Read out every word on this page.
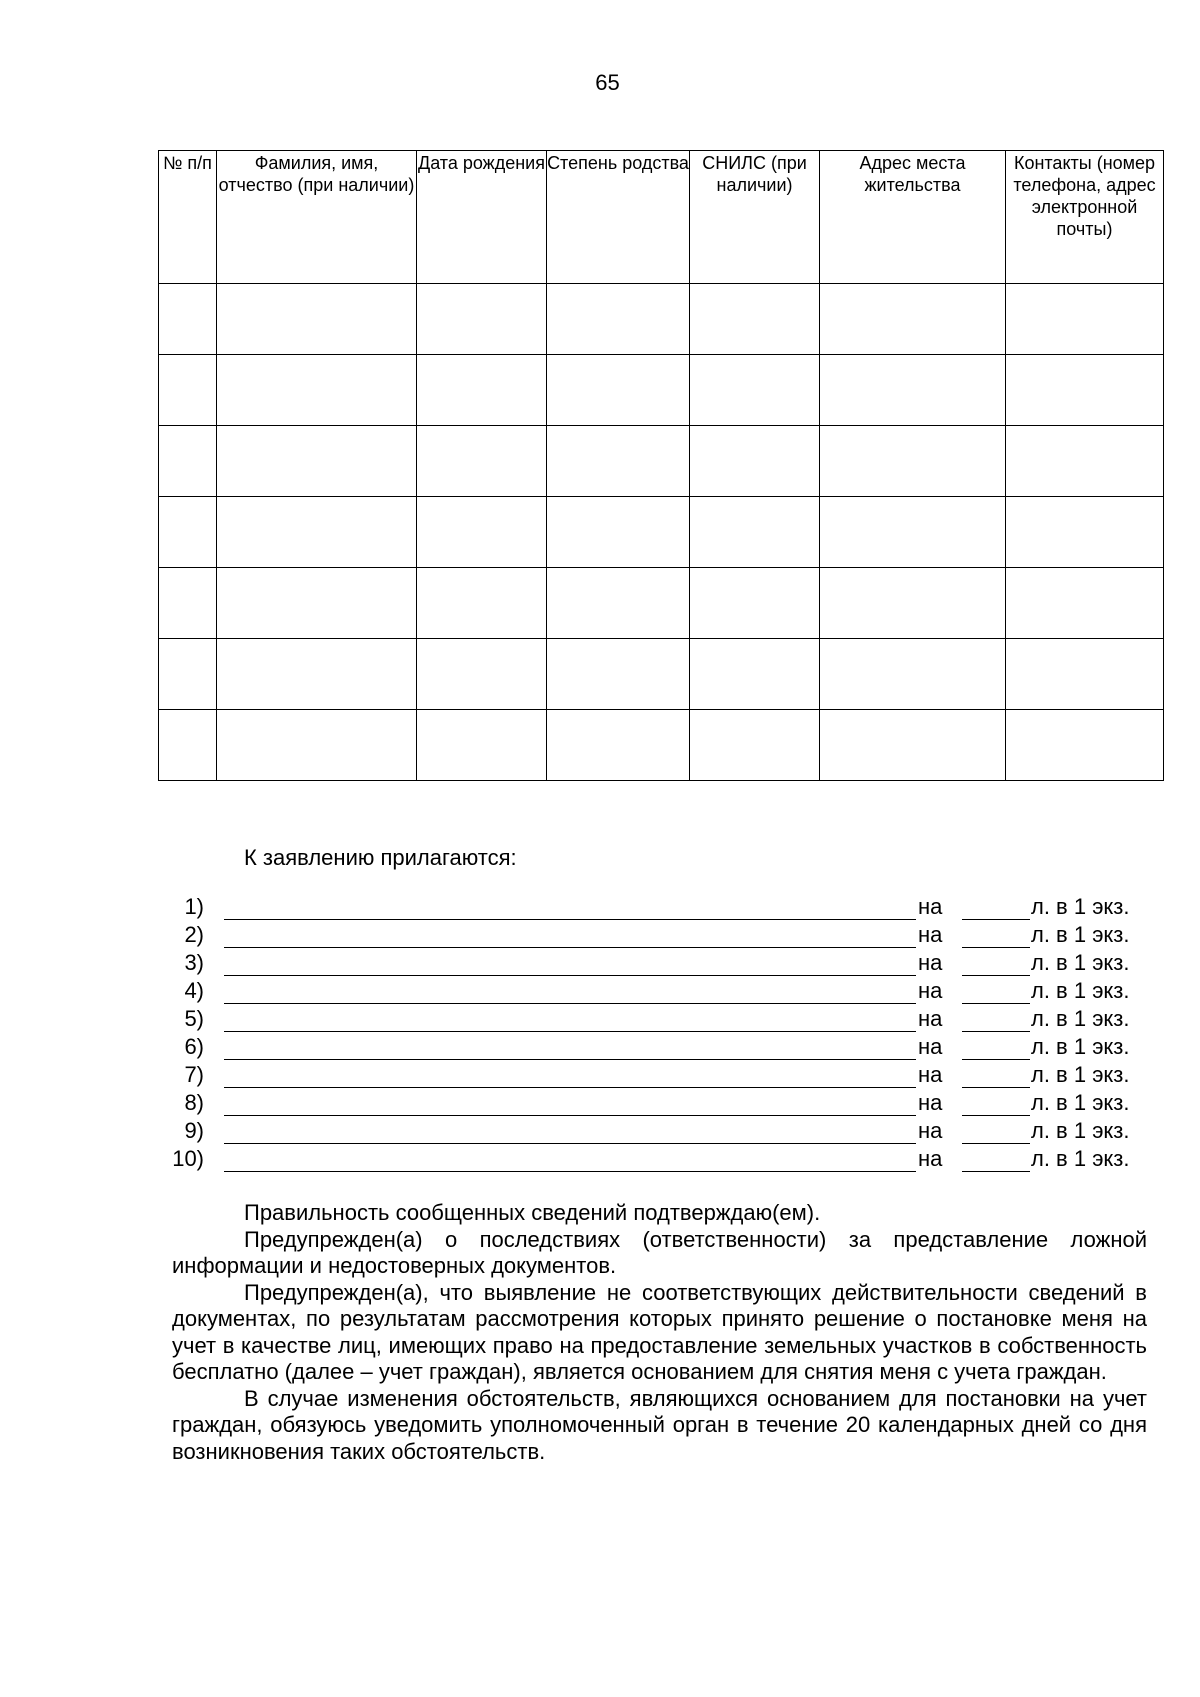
65
№ п/п	Фамилия, имя, отчество (при наличии)	Дата рождения	Степень родства	СНИЛС (при наличии)	Адрес места жительства	Контакты (номер телефона, адрес электронной почты)

К заявлению прилагаются:
1)	на	л. в 1 экз.
2)	на	л. в 1 экз.
3)	на	л. в 1 экз.
4)	на	л. в 1 экз.
5)	на	л. в 1 экз.
6)	на	л. в 1 экз.
7)	на	л. в 1 экз.
8)	на	л. в 1 экз.
9)	на	л. в 1 экз.
10)	на	л. в 1 экз.

Правильность сообщенных сведений подтверждаю(ем).

Предупрежден(а) о последствиях (ответственности) за представление ложной информации и недостоверных документов.

Предупрежден(а), что выявление не соответствующих действительности сведений в документах, по результатам рассмотрения которых принято решение о постановке меня на учет в качестве лиц, имеющих право на предоставление земельных участков в собственность бесплатно (далее – учет граждан), является основанием для снятия меня с учета граждан.

В случае изменения обстоятельств, являющихся основанием для постановки на учет граждан, обязуюсь уведомить уполномоченный орган в течение 20 календарных дней со дня возникновения таких обстоятельств.
